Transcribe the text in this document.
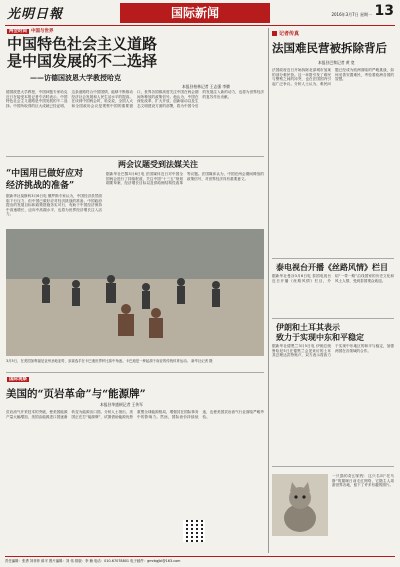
光明日報	国际新闻	2016年3月7日 星期一 13
两会时间 中国与世界
中国特色社会主义道路
是中国发展的不二选择
——访德国波恩大学教授哈克
本报驻柏林记者 王志强 李腾
德国波恩大学教授、中国问题专家哈克近日在接受本报记者专访时表示，中国特色社会主义道路是中国发展的不二选择。中国所取得的巨大成就已经证明，这条道路符合中国国情，能够不断推动经济社会发展和人民生活水平的提高。在谈到中国两会时，哈克说，全国人大和全国政协会议是观察中国的重要窗口，世界各国都高度关注中国在两会期间所释放的政策信号。他认为，中国在深化改革、扩大开放、创新驱动以及生态文明建设方面的部署，将为中国今后的发展注入新的动力，也将为世界经济的复苏作出贡献。
“中国用已做好应对
经济挑战的准备”
据新华社莫斯科3月6日电 俄罗斯专家认为，中国经济虽然面临下行压力，但中国已做好应对经济挑战的准备。中国政府提出的发展目标和政策措施务实可行，有助于中国经济保持中高速增长，迈向中高端水平，也将为世界经济增长注入活力。
两会议题受到法媒关注
据新华社巴黎3月6日电 法国媒体近日对中国全国两会进行了持续报道，关注中国“十三五”规划纲要草案、经济增长目标以及供给侧结构性改革等议题。法国媒体认为，中国在两会期间释放的政策信号，对世界经济具有重要意义。
3月5日，在美国加利福尼亚州圣地亚哥，参赛选手在卡巴迪世界杯比赛中角逐。卡巴迪是一种起源于南亚的传统体育运动。 新华社记者 摄
国际观察
美国的“页岩革命”与“能源牌”
本报驻华盛顿记者 王传军
页岩油气开采技术的突破，使美国能源产量大幅增加，美国由能源进口国逐渐转变为能源出口国。分析人士指出，美国正在打“能源牌”，试图借助能源优势重塑全球能源格局，增强其在国际事务中的影响力。然而，国际油价持续低迷，也使美国页岩油气行业面临严峻考验。
记者传真
法国难民营被拆除背后
本报驻巴黎记者 黄 宽
法国政府近日开始拆除北部城市加莱的部分难民营。这一举措引发了难民与警察之间的冲突，也在法国国内引起广泛争议。分析人士认为，难民问题已经成为欧洲面临的严峻挑战，如何妥善安置难民，考验着欧洲各国的智慧。
泰电视台开播《丝路风情》栏目
据新华社曼谷3月6日电 泰国电视台近日开播《丝路风情》栏目，介绍“一带一路”沿线国家的历史文化和风土人情，受到泰国观众欢迎。
伊朗和土耳其表示
致力于实现中东和平稳定
据新华社德黑兰3月5日电 伊朗总统鲁哈尼5日在德黑兰会见来访的土耳其总理达武特奥卢，双方表示将致力于实现中东地区的和平与稳定，加强两国在各领域的合作。
一只猫的奇幻旅程：这只名叫“托马斯”的猫咪日前走红网络，它随主人周游世界各地，留下了许多有趣的照片。
责任编辑：张勇 刘菲菲 薛平 图片编辑：刘 伟 排版：李 楠 电话：010-67078801 电子邮件：gmrbgjbl@163.com
